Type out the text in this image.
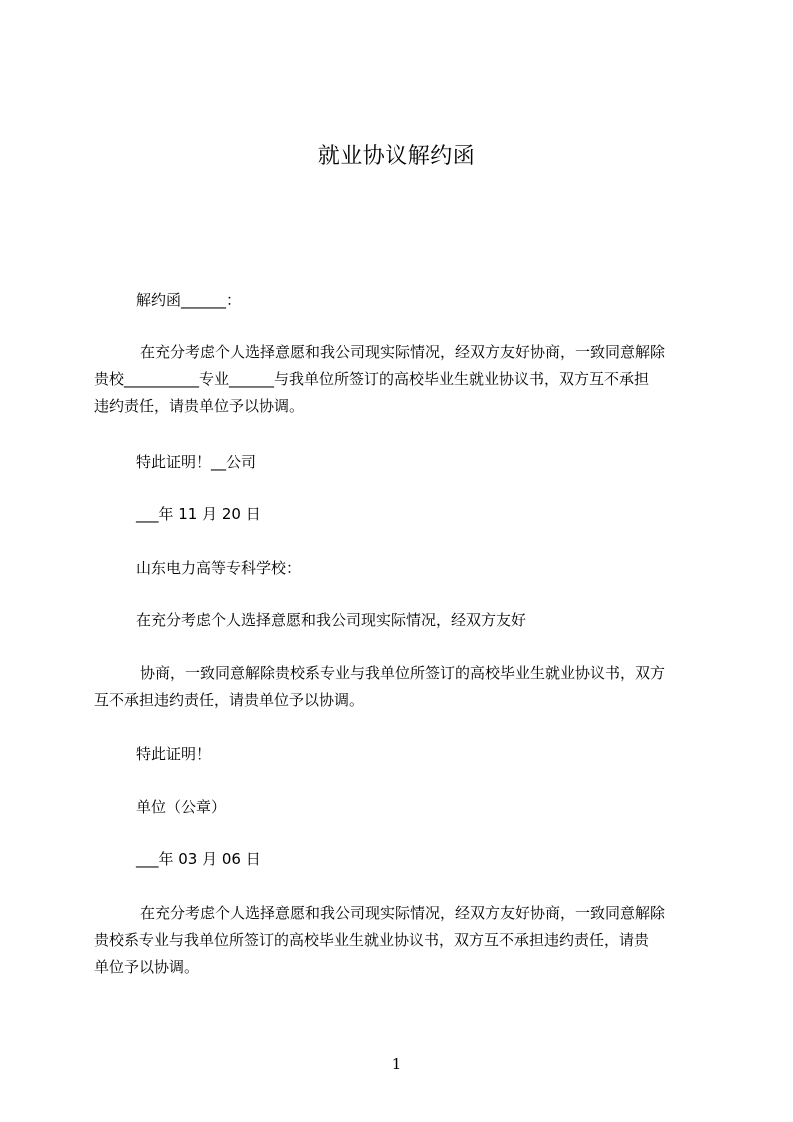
就业协议解约函
解约函______：
在充分考虑个人选择意愿和我公司现实际情况，经双方友好协商，一致同意解除
贵校__________专业______与我单位所签订的高校毕业生就业协议书，双方互不承担
违约责任，请贵单位予以协调。
特此证明！__公司
___年 11 月 20 日
山东电力高等专科学校：
在充分考虑个人选择意愿和我公司现实际情况，经双方友好
协商，一致同意解除贵校系专业与我单位所签订的高校毕业生就业协议书，双方
互不承担违约责任，请贵单位予以协调。
特此证明！
单位（公章）
___年 03 月 06 日
在充分考虑个人选择意愿和我公司现实际情况，经双方友好协商，一致同意解除
贵校系专业与我单位所签订的高校毕业生就业协议书，双方互不承担违约责任，请贵
单位予以协调。
1
